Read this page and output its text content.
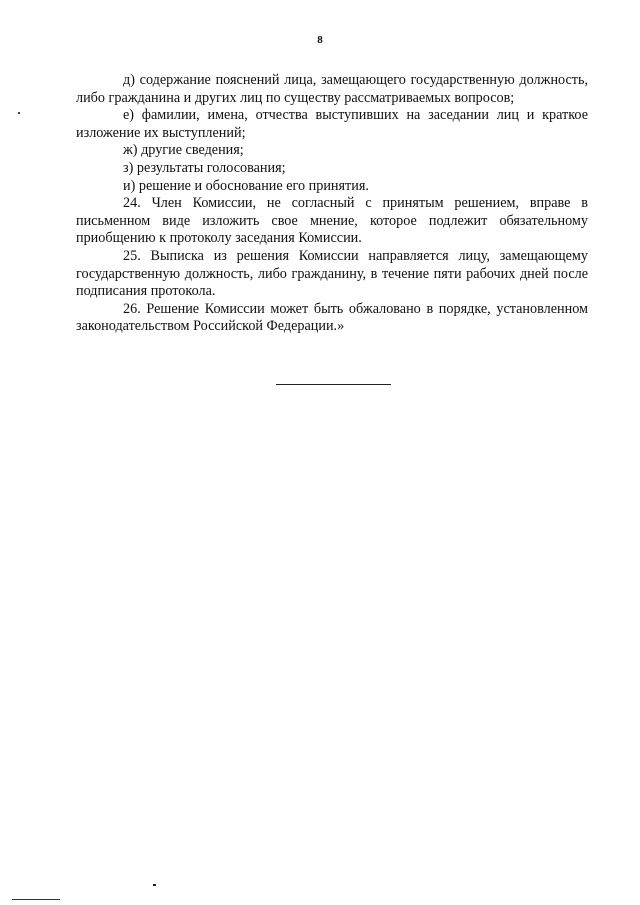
8

д) содержание пояснений лица, замещающего государственную должность, либо гражданина и других лиц по существу рассматриваемых вопросов;

е) фамилии, имена, отчества выступивших на заседании лиц и краткое изложение их выступлений;

ж) другие сведения;

з) результаты голосования;

и) решение и обоснование его принятия.

24. Член Комиссии, не согласный с принятым решением, вправе в письменном виде изложить свое мнение, которое подлежит обязательному приобщению к протоколу заседания Комиссии.

25. Выписка из решения Комиссии направляется лицу, замещающему государственную должность, либо гражданину, в течение пяти рабочих дней после подписания протокола.

26. Решение Комиссии может быть обжаловано в порядке, установленном законодательством Российской Федерации.»
